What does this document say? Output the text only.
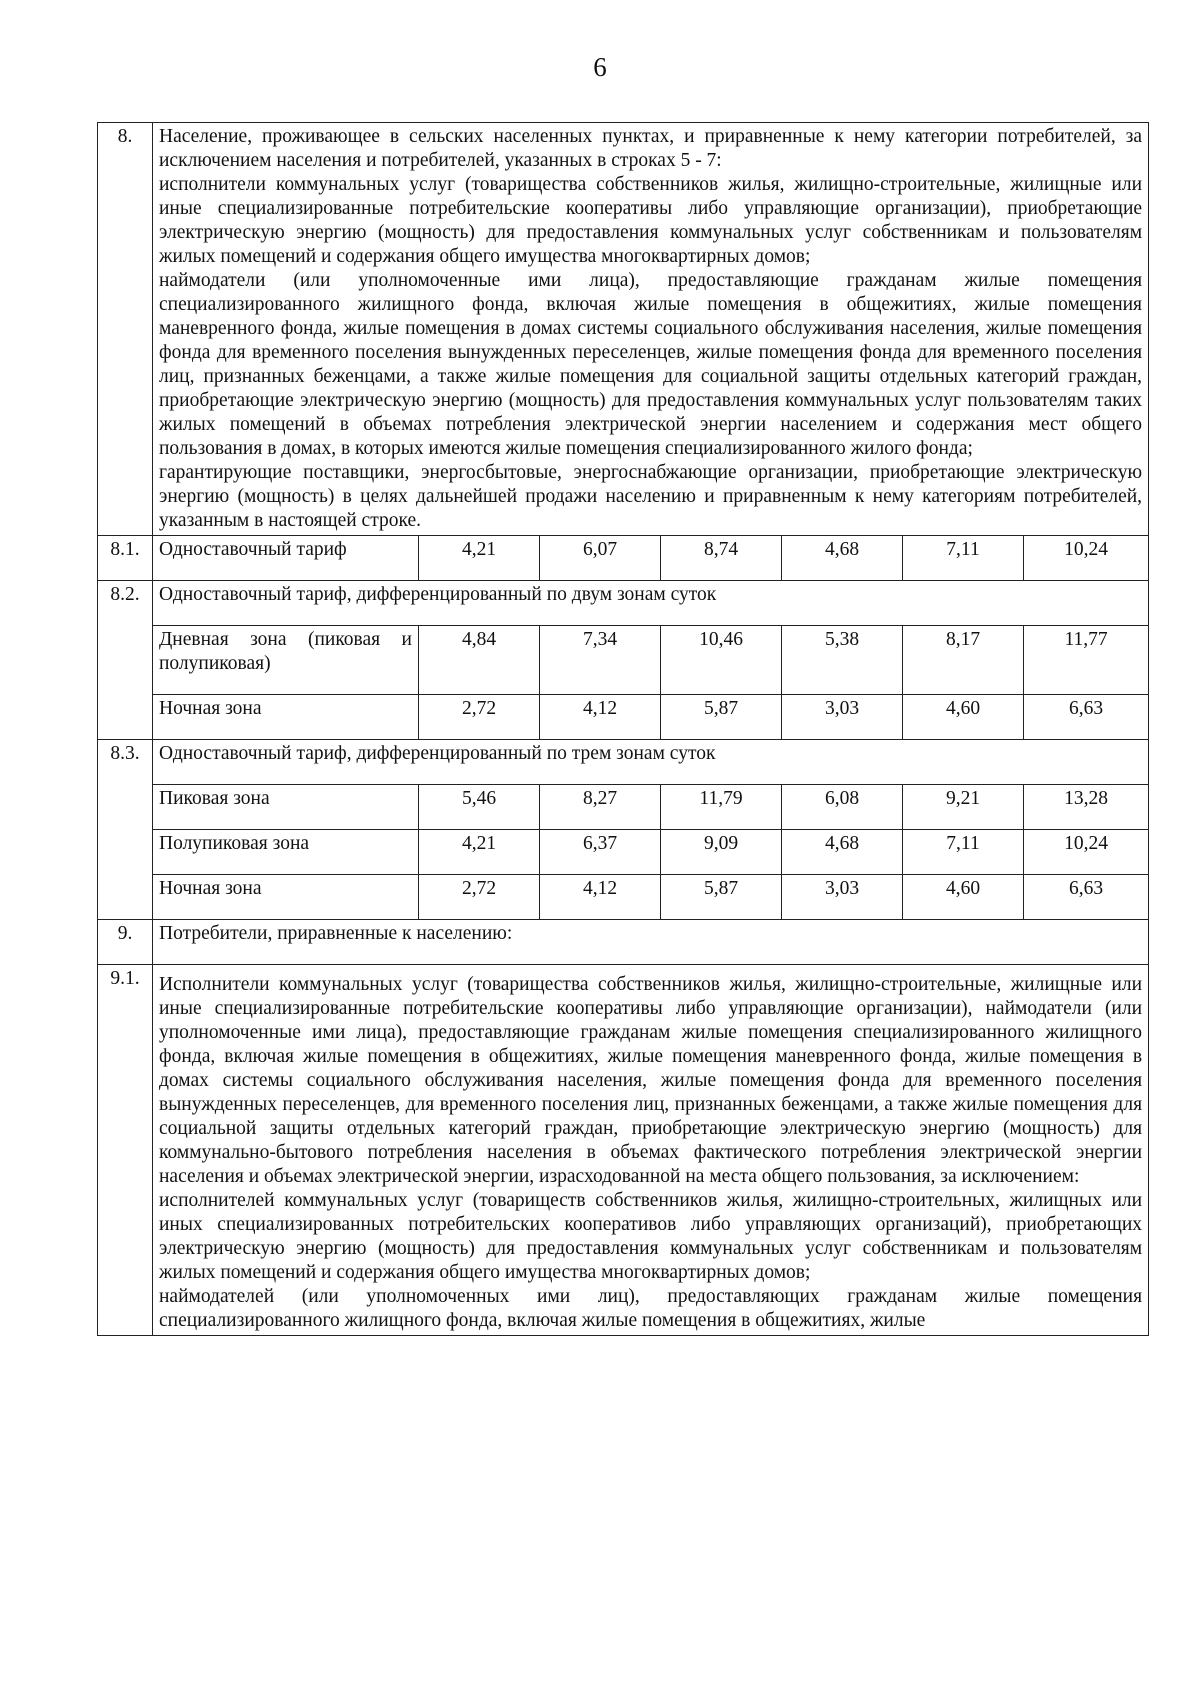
6
8.	Население, проживающее в сельских населенных пунктах, и приравненные к нему категории потребителей, за исключением населения и потребителей, указанных в строках 5 - 7:
исполнители коммунальных услуг (товарищества собственников жилья, жилищно-строительные, жилищные или иные специализированные потребительские кооперативы либо управляющие организации), приобретающие электрическую энергию (мощность) для предоставления коммунальных услуг собственникам и пользователям жилых помещений и содержания общего имущества многоквартирных домов;
наймодатели (или уполномоченные ими лица), предоставляющие гражданам жилые помещения специализированного жилищного фонда, включая жилые помещения в общежитиях, жилые помещения маневренного фонда, жилые помещения в домах системы социального обслуживания населения, жилые помещения фонда для временного поселения вынужденных переселенцев, жилые помещения фонда для временного поселения лиц, признанных беженцами, а также жилые помещения для социальной защиты отдельных категорий граждан, приобретающие электрическую энергию (мощность) для предоставления коммунальных услуг пользователям таких жилых помещений в объемах потребления электрической энергии населением и содержания мест общего пользования в домах, в которых имеются жилые помещения специализированного жилого фонда;
гарантирующие поставщики, энергосбытовые, энергоснабжающие организации, приобретающие электрическую энергию (мощность) в целях дальнейшей продажи населению и приравненным к нему категориям потребителей, указанным в настоящей строке.						

8.1.	Одноставочный тариф	4,21	6,07	8,74	4,68	7,11	10,24
8.2.	Одноставочный тариф, дифференцированный по двум зонам суток						
	Дневная зона (пиковая и полупиковая)	4,84	7,34	10,46	5,38	8,17	11,77
	Ночная зона	2,72	4,12	5,87	3,03	4,60	6,63
8.3.	Одноставочный тариф, дифференцированный по трем зонам суток						
	Пиковая зона	5,46	8,27	11,79	6,08	9,21	13,28
	Полупиковая зона	4,21	6,37	9,09	4,68	7,11	10,24
	Ночная зона	2,72	4,12	5,87	3,03	4,60	6,63
9.	Потребители, приравненные к населению:						
9.1.	Исполнители коммунальных услуг (товарищества собственников жилья, жилищно-строительные, жилищные или иные специализированные потребительские кооперативы либо управляющие организации), наймодатели (или уполномоченные ими лица), предоставляющие гражданам жилые помещения специализированного жилищного фонда, включая жилые помещения в общежитиях, жилые помещения маневренного фонда, жилые помещения в домах системы социального обслуживания населения, жилые помещения фонда для временного поселения вынужденных переселенцев, для временного поселения лиц, признанных беженцами, а также жилые помещения для социальной защиты отдельных категорий граждан, приобретающие электрическую энергию (мощность) для коммунально-бытового потребления населения в объемах фактического потребления электрической энергии населения и объемах электрической энергии, израсходованной на места общего пользования, за исключением:
исполнителей коммунальных услуг (товариществ собственников жилья, жилищно-строительных, жилищных или иных специализированных потребительских кооперативов либо управляющих организаций), приобретающих электрическую энергию (мощность) для предоставления коммунальных услуг собственникам и пользователям жилых помещений и содержания общего имущества многоквартирных домов;
наймодателей (или уполномоченных ими лиц), предоставляющих гражданам жилые помещения специализированного жилищного фонда, включая жилые помещения в общежитиях, жилые						
